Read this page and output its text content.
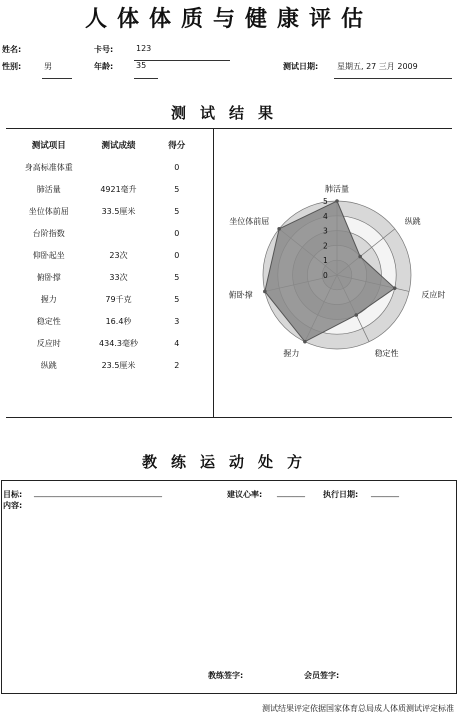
人体体质与健康评估
姓名:	卡号:	123
性别:	男	年龄:	35	测试日期: 星期五, 27 三月 2009
测试结果
测试项目	测试成绩	得分
身高标准体重		0
肺活量	4921毫升	5
坐位体前屈	33.5厘米	5
台阶指数		0
仰卧起坐	23次	0
俯卧撑	33次	5
握力	79千克	5
稳定性	16.4秒	3
反应时	434.3毫秒	4
纵跳	23.5厘米	2
0
1
2
3
4
5
肺活量
纵跳
反应时
稳定性
握力
俯卧撑
坐位体前屈
教练运动处方
目标: ________________________________	建议心率: _______ 执行日期: _______
内容:
教练签字:	会员签字:
测试结果评定依据国家体育总局成人体质测试评定标准
